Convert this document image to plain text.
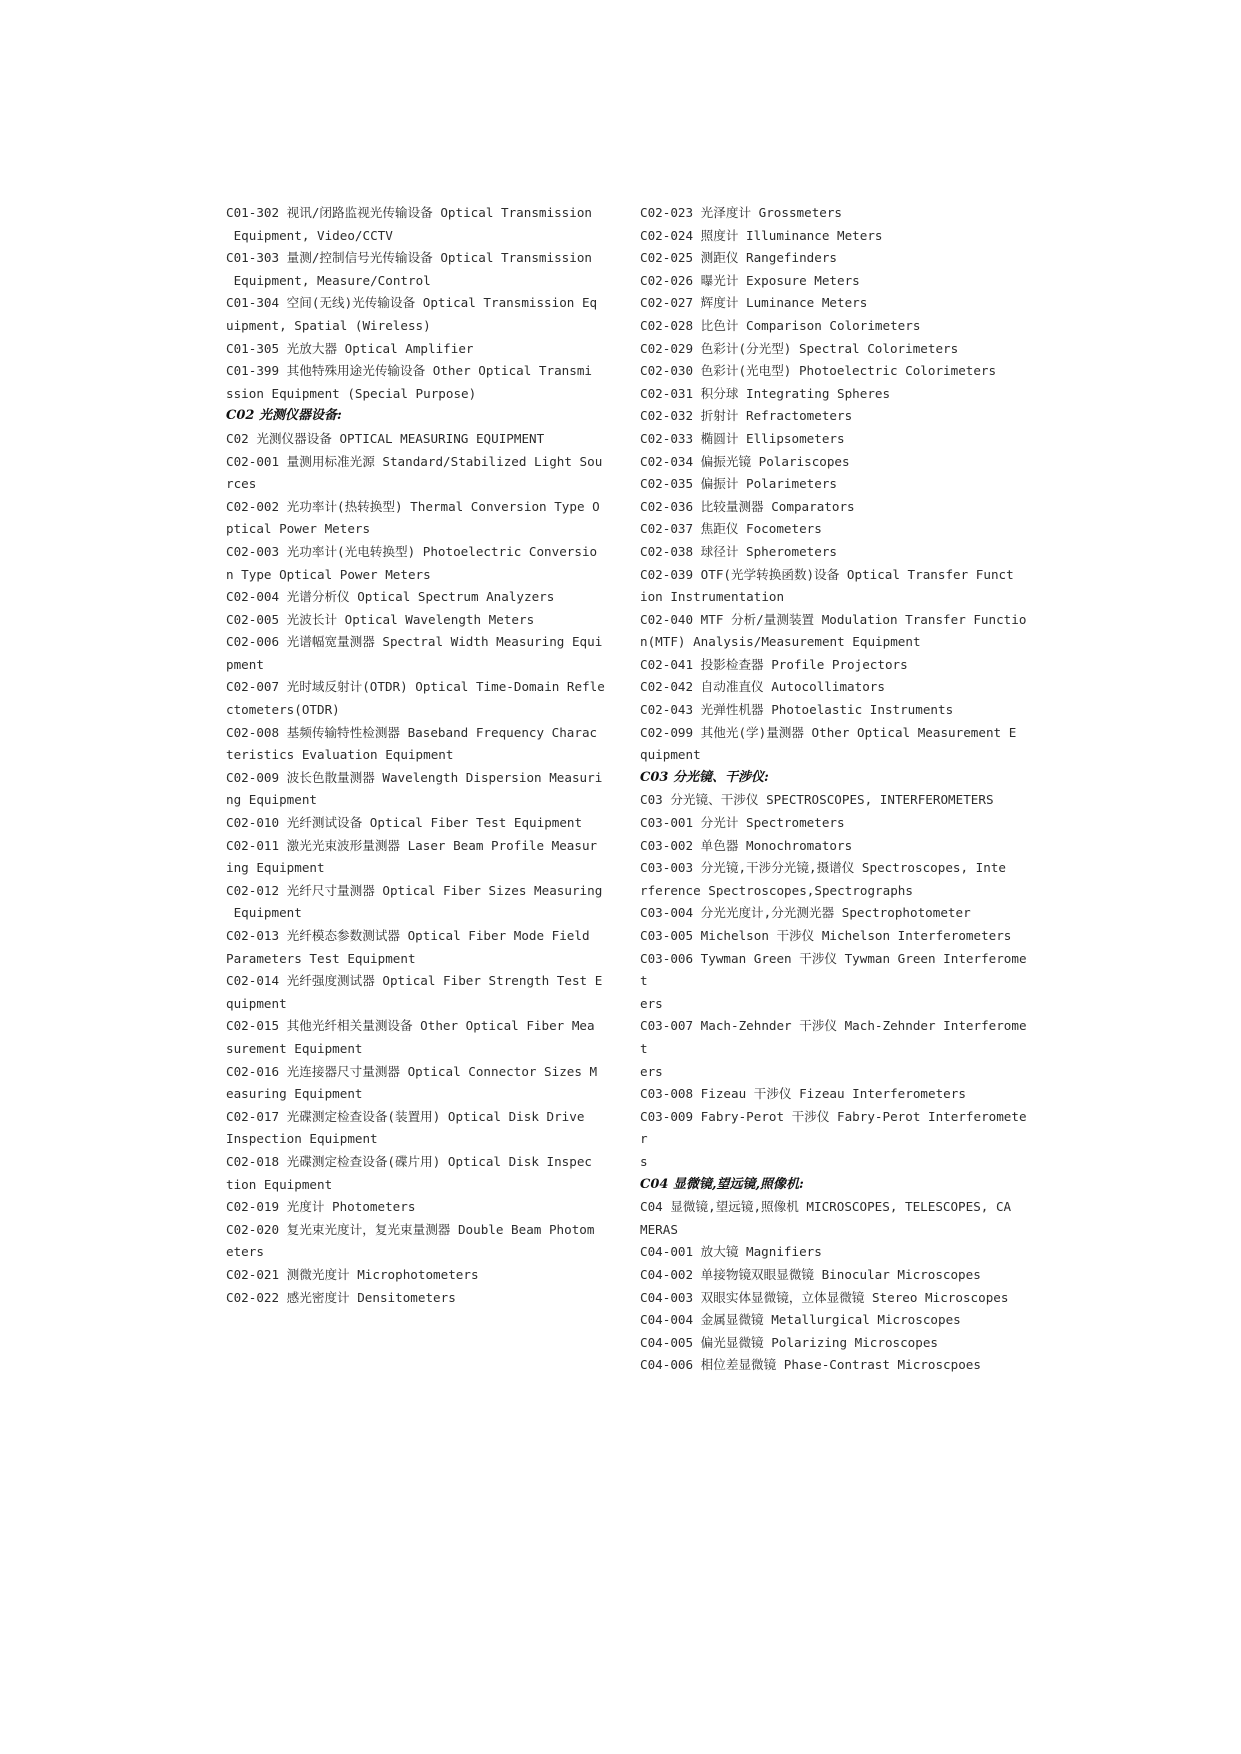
C01-302 视讯/闭路监视光传输设备 Optical Transmission
Equipment, Video/CCTV

C01-303 量测/控制信号光传输设备 Optical Transmission
Equipment, Measure/Control

C01-304 空间(无线)光传输设备 Optical Transmission Eq
uipment, Spatial (Wireless)

C01-305 光放大器 Optical Amplifier

C01-399 其他特殊用途光传输设备 Other Optical Transmi
ssion Equipment (Special Purpose)

C02 光测仪器设备:

C02 光测仪器设备 OPTICAL MEASURING EQUIPMENT

C02-001 量测用标准光源 Standard/Stabilized Light Sou
rces

C02-002 光功率计(热转换型) Thermal Conversion Type O
ptical Power Meters

C02-003 光功率计(光电转换型) Photoelectric Conversio
n Type Optical Power Meters

C02-004 光谱分析仪 Optical Spectrum Analyzers

C02-005 光波长计 Optical Wavelength Meters

C02-006 光谱幅宽量测器 Spectral Width Measuring Equi
pment

C02-007 光时域反射计(OTDR) Optical Time-Domain Refle
ctometers(OTDR)

C02-008 基频传输特性检测器 Baseband Frequency Charac
teristics Evaluation Equipment

C02-009 波长色散量测器 Wavelength Dispersion Measuri
ng Equipment

C02-010 光纤测试设备 Optical Fiber Test Equipment

C02-011 激光光束波形量测器 Laser Beam Profile Measur
ing Equipment

C02-012 光纤尺寸量测器 Optical Fiber Sizes Measuring
Equipment

C02-013 光纤模态参数测试器 Optical Fiber Mode Field
Parameters Test Equipment

C02-014 光纤强度测试器 Optical Fiber Strength Test E
quipment

C02-015 其他光纤相关量测设备 Other Optical Fiber Mea
surement Equipment

C02-016 光连接器尺寸量测器 Optical Connector Sizes M
easuring Equipment

C02-017 光碟测定检查设备(装置用) Optical Disk Drive
Inspection Equipment

C02-018 光碟测定检查设备(碟片用) Optical Disk Inspec
tion Equipment

C02-019 光度计 Photometers

C02-020 复光束光度计，复光束量测器 Double Beam Photom
eters

C02-021 测微光度计 Microphotometers

C02-022 感光密度计 Densitometers

C02-023 光泽度计 Grossmeters

C02-024 照度计 Illuminance Meters

C02-025 测距仪 Rangefinders

C02-026 曝光计 Exposure Meters

C02-027 辉度计 Luminance Meters

C02-028 比色计 Comparison Colorimeters

C02-029 色彩计(分光型) Spectral Colorimeters

C02-030 色彩计(光电型) Photoelectric Colorimeters

C02-031 积分球 Integrating Spheres

C02-032 折射计 Refractometers

C02-033 椭圆计 Ellipsometers

C02-034 偏振光镜 Polariscopes

C02-035 偏振计 Polarimeters

C02-036 比较量测器 Comparators

C02-037 焦距仪 Focometers

C02-038 球径计 Spherometers

C02-039 OTF(光学转换函数)设备 Optical Transfer Funct
ion Instrumentation

C02-040 MTF 分析/量测装置 Modulation Transfer Functio
n(MTF) Analysis/Measurement Equipment

C02-041 投影检查器 Profile Projectors

C02-042 自动准直仪 Autocollimators

C02-043 光弹性机器 Photoelastic Instruments

C02-099 其他光(学)量测器 Other Optical Measurement E
quipment

C03 分光镜、干涉仪:

C03 分光镜、干涉仪 SPECTROSCOPES, INTERFEROMETERS

C03-001 分光计 Spectrometers

C03-002 单色器 Monochromators

C03-003 分光镜,干涉分光镜,摄谱仪 Spectroscopes, Inte
rference Spectroscopes,Spectrographs

C03-004 分光光度计,分光测光器 Spectrophotometer

C03-005 Michelson 干涉仪 Michelson Interferometers

C03-006 Tywman Green 干涉仪 Tywman Green Interferomet
ers

C03-007 Mach-Zehnder 干涉仪 Mach-Zehnder Interferomet
ers

C03-008 Fizeau 干涉仪 Fizeau Interferometers

C03-009 Fabry-Perot 干涉仪 Fabry-Perot Interferometer
s

C04 显微镜,望远镜,照像机:

C04 显微镜,望远镜,照像机 MICROSCOPES, TELESCOPES, CA
MERAS

C04-001 放大镜 Magnifiers

C04-002 单接物镜双眼显微镜 Binocular Microscopes

C04-003 双眼实体显微镜，立体显微镜 Stereo Microscopes

C04-004 金属显微镜 Metallurgical Microscopes

C04-005 偏光显微镜 Polarizing Microscopes

C04-006 相位差显微镜 Phase-Contrast Microscpoes
